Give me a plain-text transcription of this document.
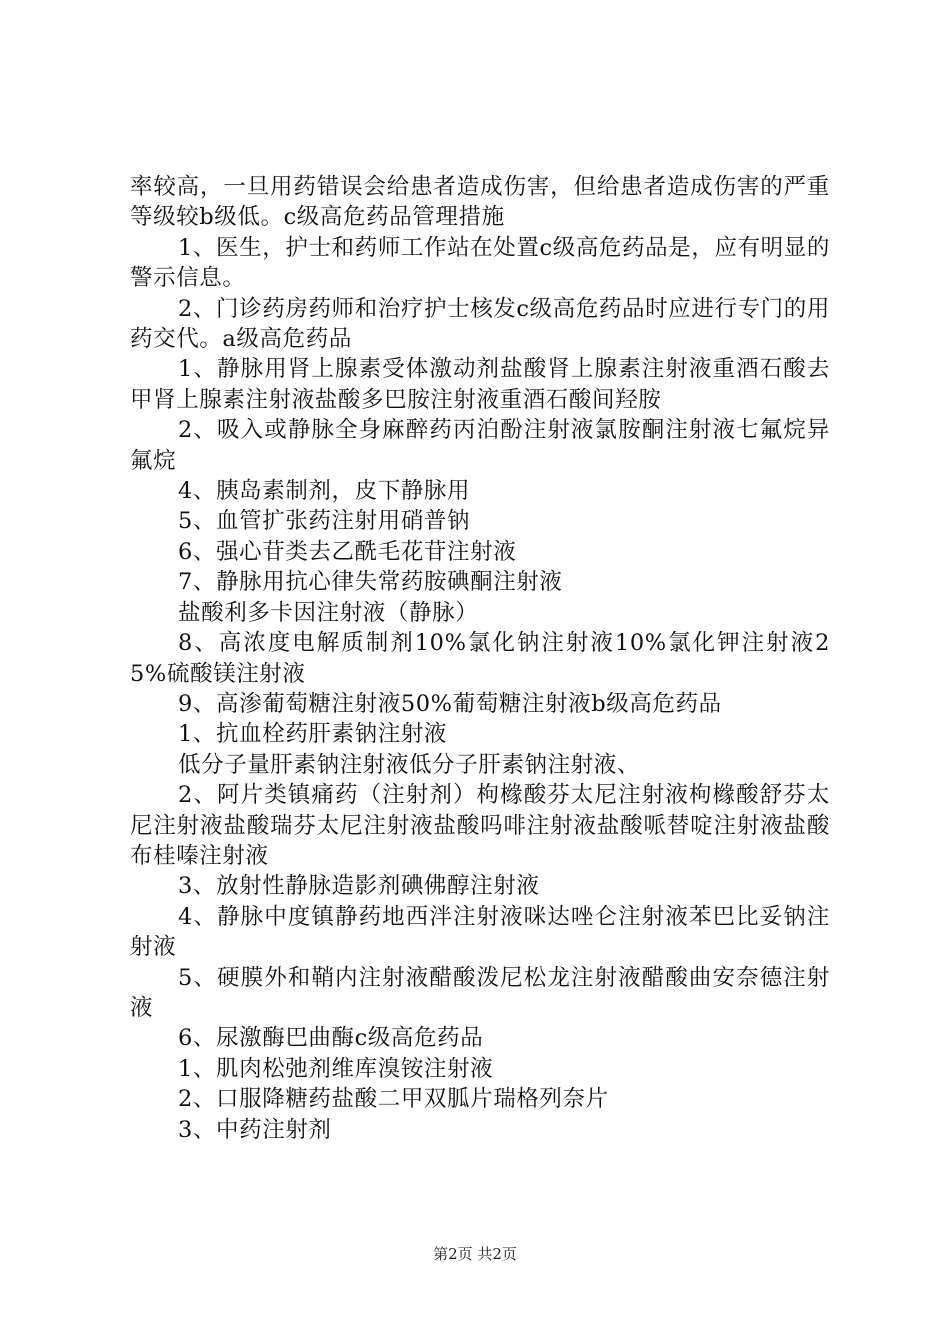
率较高，一旦用药错误会给患者造成伤害，但给患者造成伤害的严重等级较b级低。c级高危药品管理措施

1、医生，护士和药师工作站在处置c级高危药品是，应有明显的警示信息。

2、门诊药房药师和治疗护士核发c级高危药品时应进行专门的用药交代。a级高危药品

1、静脉用肾上腺素受体激动剂盐酸肾上腺素注射液重酒石酸去甲肾上腺素注射液盐酸多巴胺注射液重酒石酸间羟胺

2、吸入或静脉全身麻醉药丙泊酚注射液氯胺酮注射液七氟烷异氟烷

4、胰岛素制剂，皮下静脉用

5、血管扩张药注射用硝普钠

6、强心苷类去乙酰毛花苷注射液

7、静脉用抗心律失常药胺碘酮注射液

盐酸利多卡因注射液（静脉）

8、高浓度电解质制剂10%氯化钠注射液10%氯化钾注射液25%硫酸镁注射液

9、高渗葡萄糖注射液50%葡萄糖注射液b级高危药品

1、抗血栓药肝素钠注射液

低分子量肝素钠注射液低分子肝素钠注射液、

2、阿片类镇痛药（注射剂）枸橼酸芬太尼注射液枸橼酸舒芬太尼注射液盐酸瑞芬太尼注射液盐酸吗啡注射液盐酸哌替啶注射液盐酸布桂嗪注射液

3、放射性静脉造影剂碘佛醇注射液

4、静脉中度镇静药地西泮注射液咪达唑仑注射液苯巴比妥钠注射液

5、硬膜外和鞘内注射液醋酸泼尼松龙注射液醋酸曲安奈德注射液

6、尿激酶巴曲酶c级高危药品

1、肌肉松弛剂维库溴铵注射液

2、口服降糖药盐酸二甲双胍片瑞格列奈片

3、中药注射剂

第2页 共2页
